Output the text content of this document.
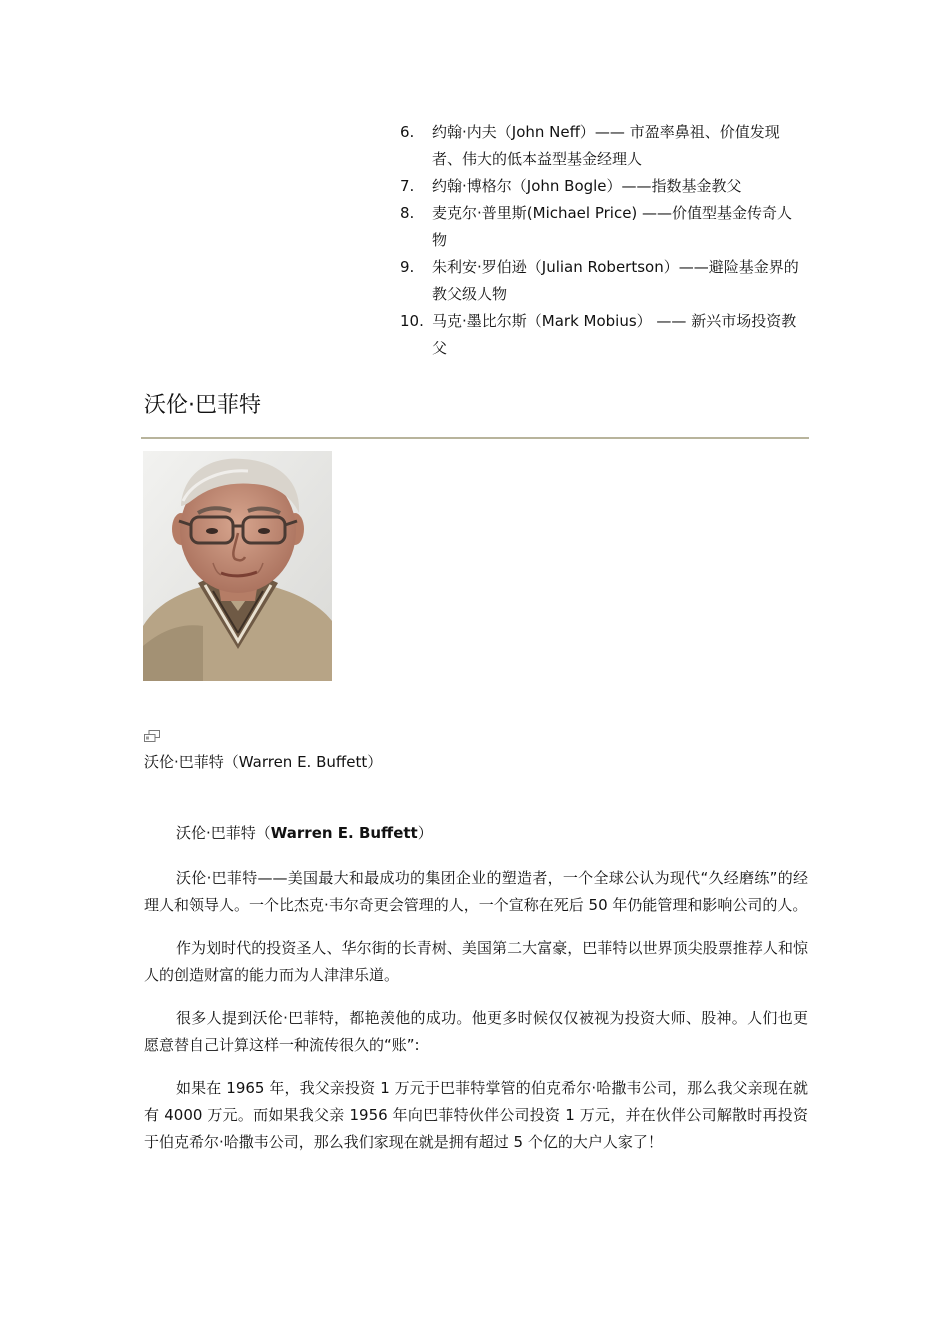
6. 约翰·内夫（John Neff）—— 市盈率鼻祖、价值发现者、伟大的低本益型基金经理人
7. 约翰·博格尔（John Bogle）——指数基金教父
8. 麦克尔·普里斯(Michael Price) ——价值型基金传奇人物
9. 朱利安·罗伯逊（Julian Robertson）——避险基金界的教父级人物
10. 马克·墨比尔斯（Mark Mobius） —— 新兴市场投资教父
沃伦·巴菲特
沃伦·巴菲特（Warren E. Buffett）

沃伦·巴菲特（Warren E. Buffett）

沃伦·巴菲特——美国最大和最成功的集团企业的塑造者，一个全球公认为现代“久经磨练”的经理人和领导人。一个比杰克·韦尔奇更会管理的人，一个宣称在死后 50 年仍能管理和影响公司的人。

作为划时代的投资圣人、华尔街的长青树、美国第二大富豪，巴菲特以世界顶尖股票推荐人和惊人的创造财富的能力而为人津津乐道。

很多人提到沃伦·巴菲特，都艳羡他的成功。他更多时候仅仅被视为投资大师、股神。人们也更愿意替自己计算这样一种流传很久的“账”:

如果在 1965 年，我父亲投资 1 万元于巴菲特掌管的伯克希尔·哈撒韦公司，那么我父亲现在就有 4000 万元。而如果我父亲 1956 年向巴菲特伙伴公司投资 1 万元，并在伙伴公司解散时再投资于伯克希尔·哈撒韦公司，那么我们家现在就是拥有超过 5 个亿的大户人家了！
